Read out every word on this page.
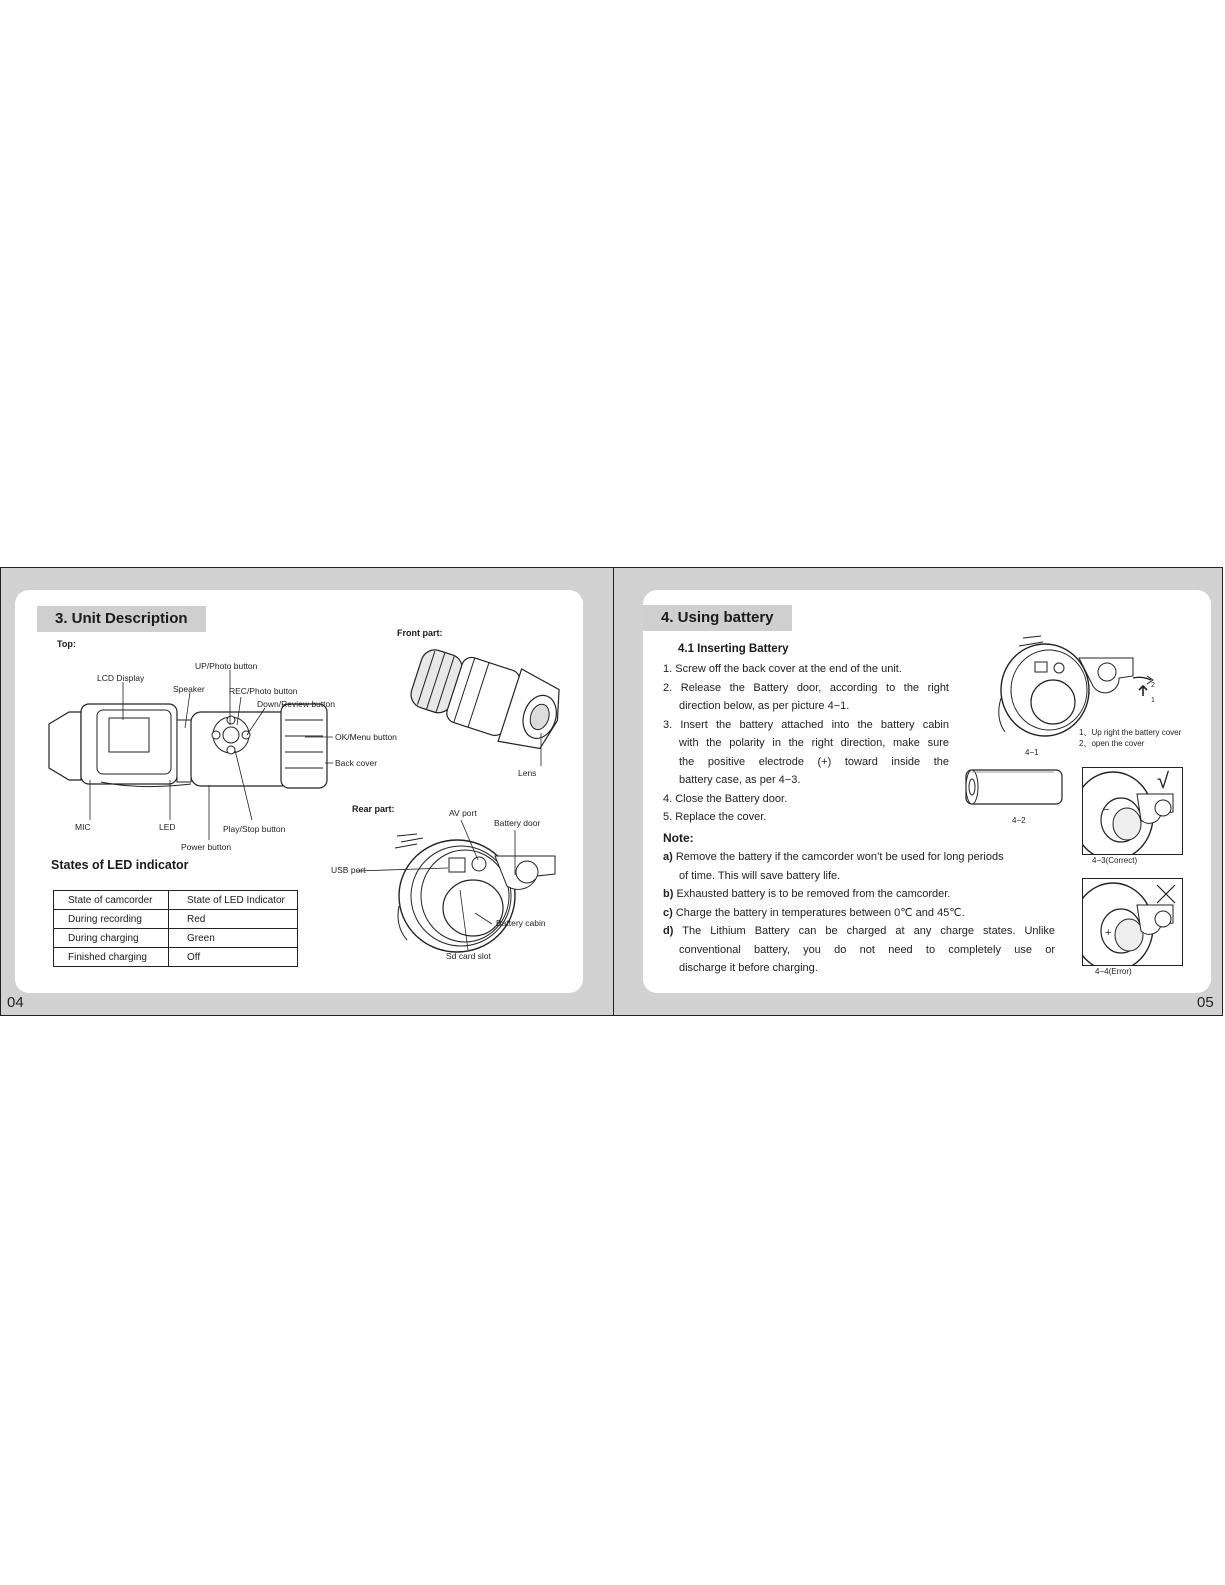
3. Unit Description
Top:
Front part:
Rear part:
LCD Display
UP/Photo button
Speaker	REC/Photo button
Down/Review button
OK/Menu button
Back cover
MIC	LED	Play/Stop button
Power button
Lens
AV port
Battery door
USB port
Battery cabin
Sd card slot
States of LED indicator
State of camcorder	State of LED Indicator
During recording	Red
During charging	Green
Finished charging	Off
04
4. Using battery
4.1 Inserting Battery

1. Screw off the back cover at the end of the unit.

2. Release the Battery door, according to the right

direction below, as per picture 4−1.

3. Insert the battery attached into the battery cabin

with the polarity in the right direction, make sure

the positive electrode (+) toward inside the

battery case, as per 4−3.

4. Close the Battery door.

5. Replace the cover.

Note:

a) Remove the battery if the camcorder won’t be used for long periods

of time. This will save battery life.

b) Exhausted battery is to be removed from the camcorder.

c) Charge the battery in temperatures between 0℃ and 45℃.

d) The Lithium Battery can be charged at any charge states. Unlike

conventional battery, you do not need to completely use or

discharge it before charging.

2
1
1、Up right the battery cover
2、open the cover
4−1
4−2
−
√
4−3(Correct)
+
4−4(Error)
05
